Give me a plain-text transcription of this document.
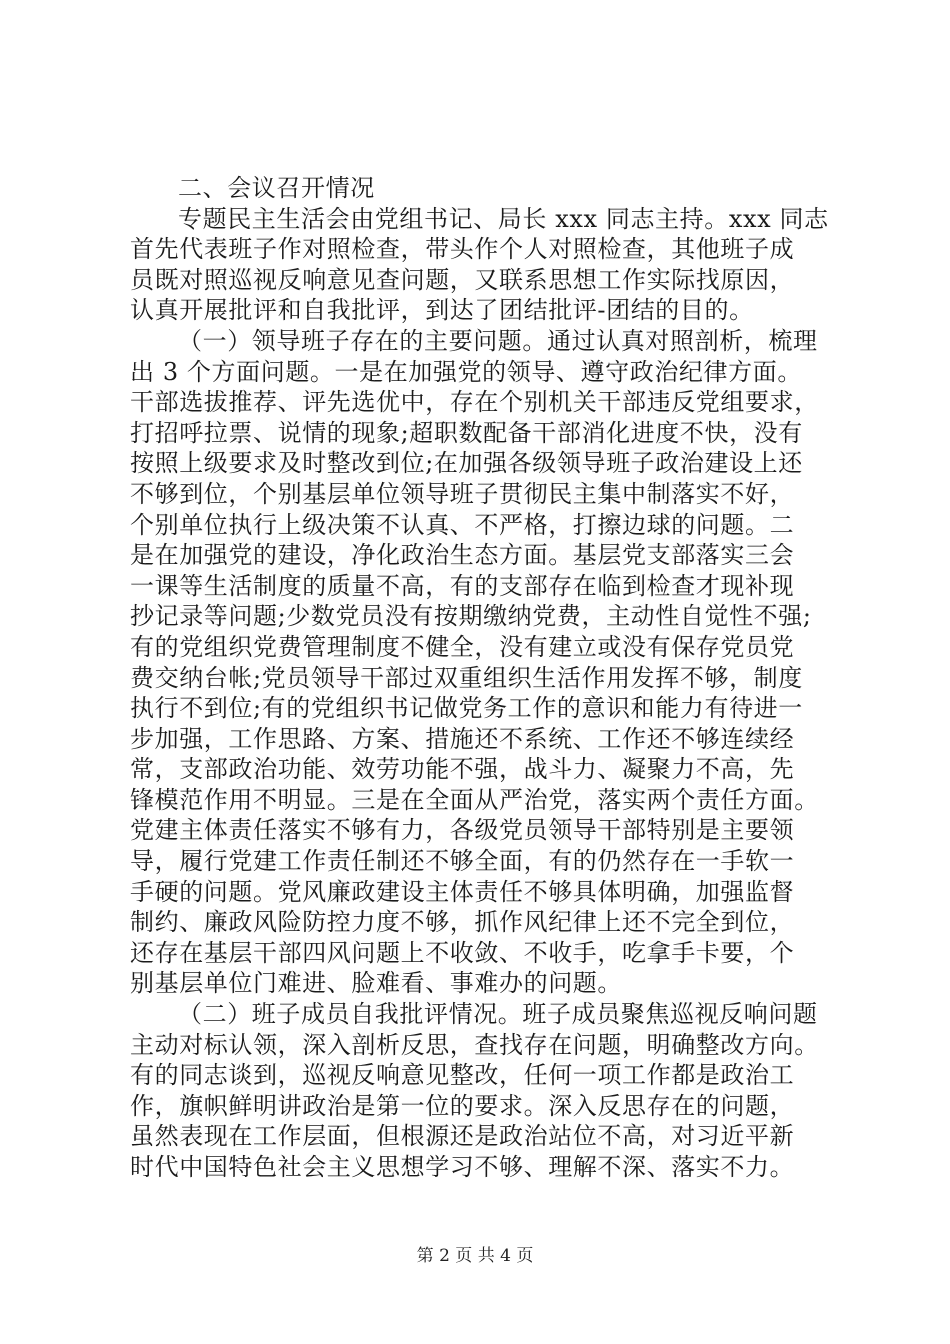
二、会议召开情况
专题民主生活会由党组书记、局长 xxx 同志主持。xxx 同志
首先代表班子作对照检查，带头作个人对照检查，其他班子成
员既对照巡视反响意见查问题，又联系思想工作实际找原因，
认真开展批评和自我批评，到达了团结批评-团结的目的。
（一）领导班子存在的主要问题。通过认真对照剖析，梳理
出 3 个方面问题。一是在加强党的领导、遵守政治纪律方面。
干部选拔推荐、评先选优中，存在个别机关干部违反党组要求，
打招呼拉票、说情的现象;超职数配备干部消化进度不快，没有
按照上级要求及时整改到位;在加强各级领导班子政治建设上还
不够到位，个别基层单位领导班子贯彻民主集中制落实不好，
个别单位执行上级决策不认真、不严格，打擦边球的问题。二
是在加强党的建设，净化政治生态方面。基层党支部落实三会
一课等生活制度的质量不高，有的支部存在临到检查才现补现
抄记录等问题;少数党员没有按期缴纳党费，主动性自觉性不强;
有的党组织党费管理制度不健全，没有建立或没有保存党员党
费交纳台帐;党员领导干部过双重组织生活作用发挥不够，制度
执行不到位;有的党组织书记做党务工作的意识和能力有待进一
步加强，工作思路、方案、措施还不系统、工作还不够连续经
常，支部政治功能、效劳功能不强，战斗力、凝聚力不高，先
锋模范作用不明显。三是在全面从严治党，落实两个责任方面。
党建主体责任落实不够有力，各级党员领导干部特别是主要领
导，履行党建工作责任制还不够全面，有的仍然存在一手软一
手硬的问题。党风廉政建设主体责任不够具体明确，加强监督
制约、廉政风险防控力度不够，抓作风纪律上还不完全到位，
还存在基层干部四风问题上不收敛、不收手，吃拿手卡要，个
别基层单位门难进、脸难看、事难办的问题。
（二）班子成员自我批评情况。班子成员聚焦巡视反响问题
主动对标认领，深入剖析反思，查找存在问题，明确整改方向。
有的同志谈到，巡视反响意见整改，任何一项工作都是政治工
作，旗帜鲜明讲政治是第一位的要求。深入反思存在的问题，
虽然表现在工作层面，但根源还是政治站位不高，对习近平新
时代中国特色社会主义思想学习不够、理解不深、落实不力。
第 2 页 共 4 页
